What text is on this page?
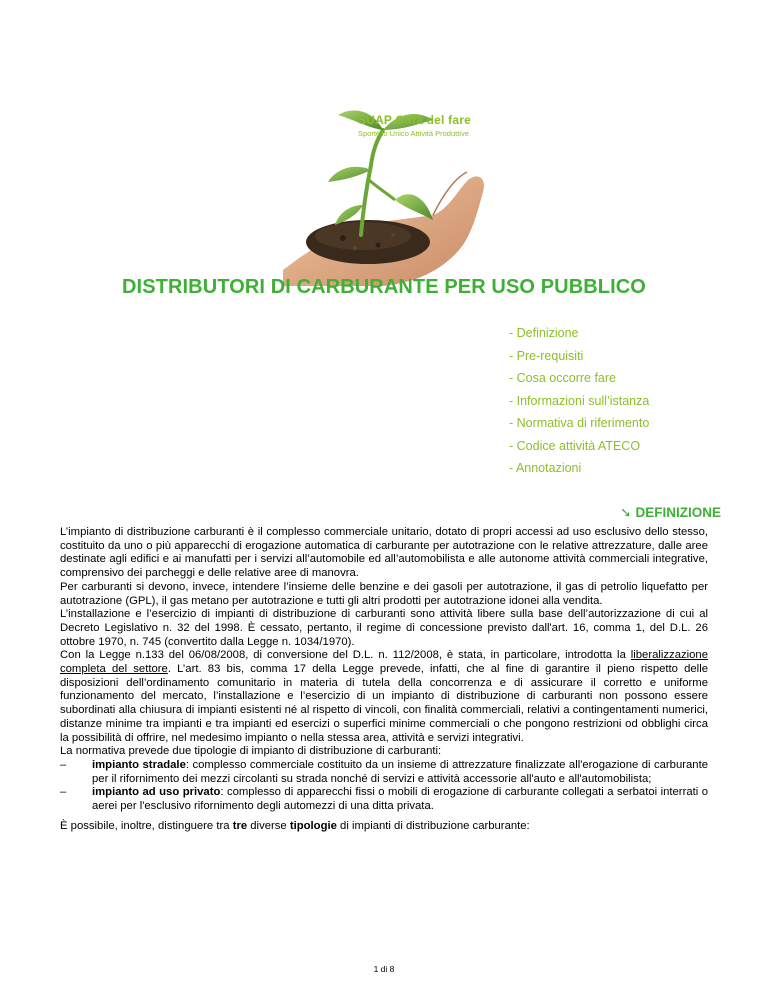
SUAP Città del fare
Sportello Unico Attività Produttive
DISTRIBUTORI DI CARBURANTE PER USO PUBBLICO
- Definizione
- Pre-requisiti
- Cosa occorre fare
- Informazioni sull’istanza
- Normativa di riferimento
- Codice attività ATECO
- Annotazioni
➘ DEFINIZIONE

L’impianto di distribuzione carburanti è il complesso commerciale unitario, dotato di propri accessi ad uso esclusivo dello stesso, costituito da uno o più apparecchi di erogazione automatica di carburante per autotrazione con le relative attrezzature, dalle aree destinate agli edifici e ai manufatti per i servizi all’automobile ed all’automobilista e alle autonome attività commerciali integrative, comprensivo dei parcheggi e delle relative aree di manovra.

Per carburanti si devono, invece, intendere l’insieme delle benzine e dei gasoli per autotrazione, il gas di petrolio liquefatto per autotrazione (GPL), il gas metano per autotrazione e tutti gli altri prodotti per autotrazione idonei alla vendita.

L’installazione e l’esercizio di impianti di distribuzione di carburanti sono attività libere sulla base dell’autorizzazione di cui al Decreto Legislativo n. 32 del 1998. È cessato, pertanto, il regime di concessione previsto dall'art. 16, comma 1, del D.L. 26 ottobre 1970, n. 745 (convertito dalla Legge n. 1034/1970).

Con la Legge n.133 del 06/08/2008, di conversione del D.L. n. 112/2008, è stata, in particolare, introdotta la liberalizzazione completa del settore. L’art. 83 bis, comma 17 della Legge prevede, infatti, che al fine di garantire il pieno rispetto delle disposizioni dell’ordinamento comunitario in materia di tutela della concorrenza e di assicurare il corretto e uniforme funzionamento del mercato, l’installazione e l’esercizio di un impianto di distribuzione di carburanti non possono essere subordinati alla chiusura di impianti esistenti né al rispetto di vincoli, con finalità commerciali, relativi a contingentamenti numerici, distanze minime tra impianti e tra impianti ed esercizi o superfici minime commerciali o che pongono restrizioni od obblighi circa la possibilità di offrire, nel medesimo impianto o nella stessa area, attività e servizi integrativi.

La normativa prevede due tipologie di impianto di distribuzione di carburanti:

– impianto stradale: complesso commerciale costituito da un insieme di attrezzature finalizzate all'erogazione di carburante per il rifornimento dei mezzi circolanti su strada nonché di servizi e attività accessorie all'auto e all'automobilista;
– impianto ad uso privato: complesso di apparecchi fissi o mobili di erogazione di carburante collegati a serbatoi interrati o aerei per l'esclusivo rifornimento degli automezzi di una ditta privata.

È possibile, inoltre, distinguere tra tre diverse tipologie di impianti di distribuzione carburante:

1 di 8
